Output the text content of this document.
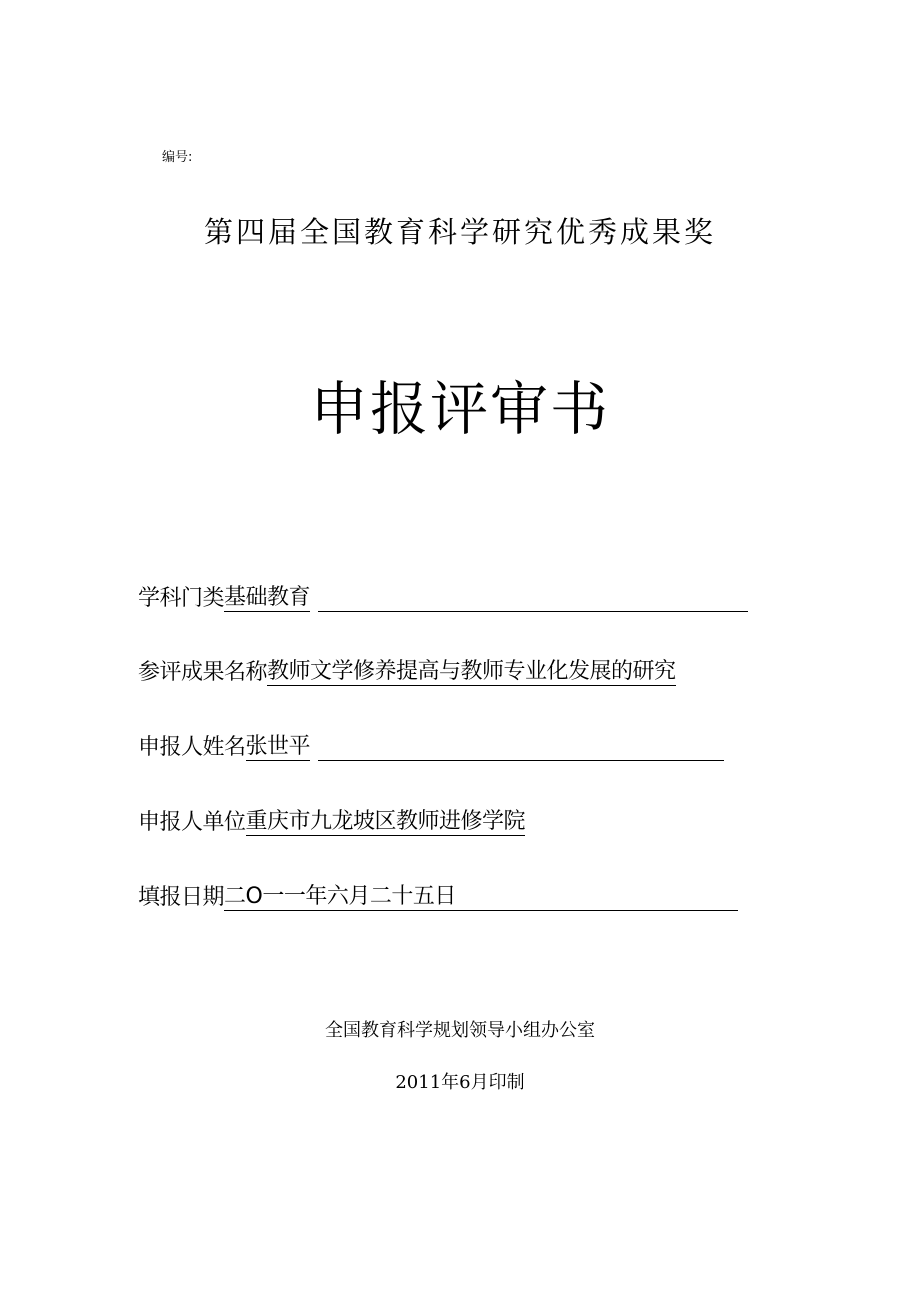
编号:
第四届全国教育科学研究优秀成果奖
申报评审书
学科门类 基础教育
参评成果名称 教师文学修养提高与教师专业化发展的研究
申报人姓名 张世平
申报人单位 重庆市九龙坡区教师进修学院
填报日期 二O一一年六月二十五日
全国教育科学规划领导小组办公室
2011年6月印制
